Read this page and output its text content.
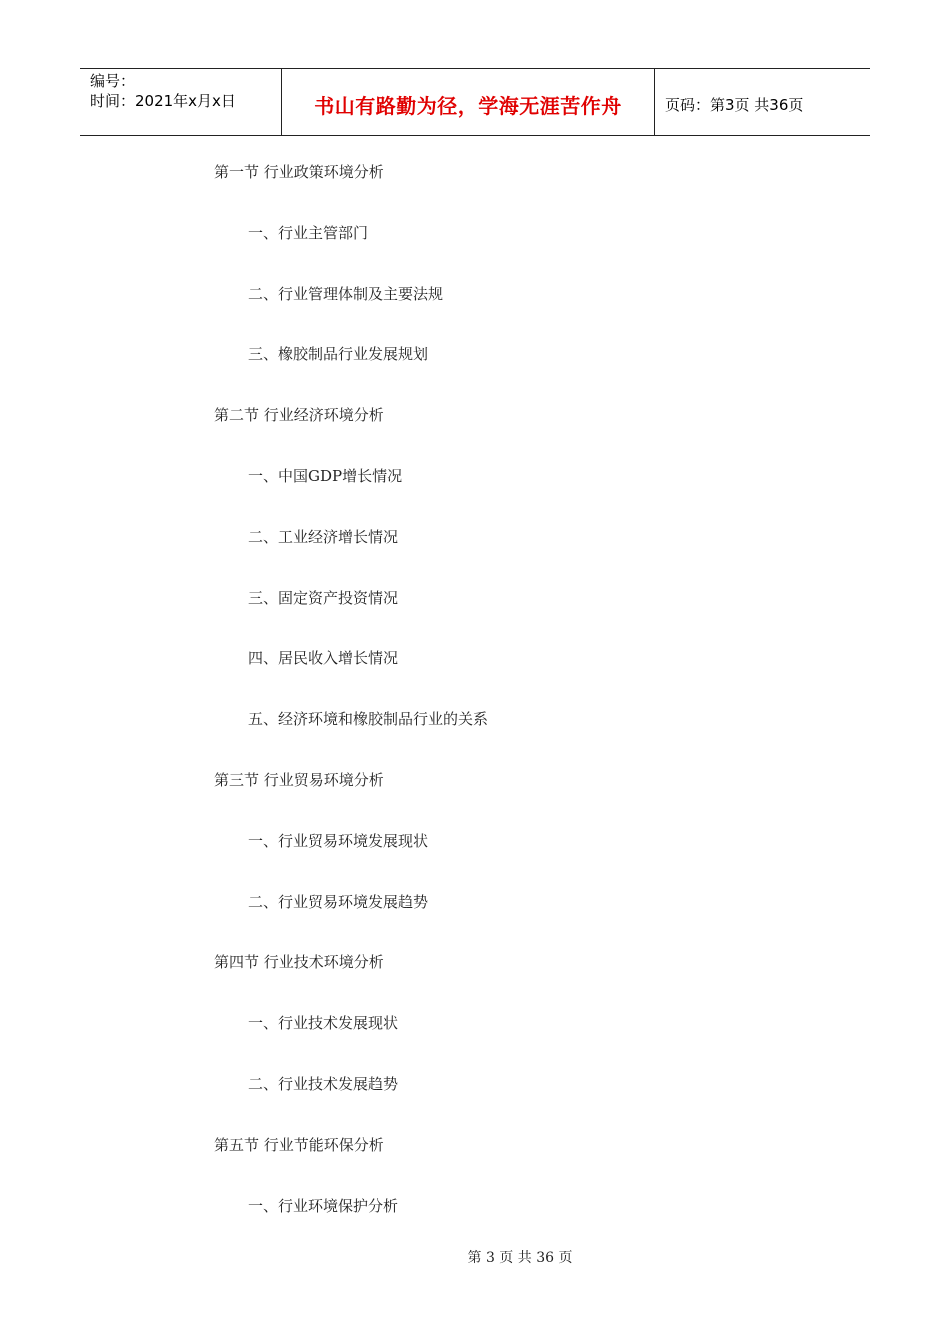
编号：
时间：2021年x月x日	书山有路勤为径，学海无涯苦作舟	页码：第3页 共36页
第一节 行业政策环境分析
一、行业主管部门
二、行业管理体制及主要法规
三、橡胶制品行业发展规划
第二节 行业经济环境分析
一、中国GDP增长情况
二、工业经济增长情况
三、固定资产投资情况
四、居民收入增长情况
五、经济环境和橡胶制品行业的关系
第三节 行业贸易环境分析
一、行业贸易环境发展现状
二、行业贸易环境发展趋势
第四节 行业技术环境分析
一、行业技术发展现状
二、行业技术发展趋势
第五节 行业节能环保分析
一、行业环境保护分析
第 3 页 共 36 页
